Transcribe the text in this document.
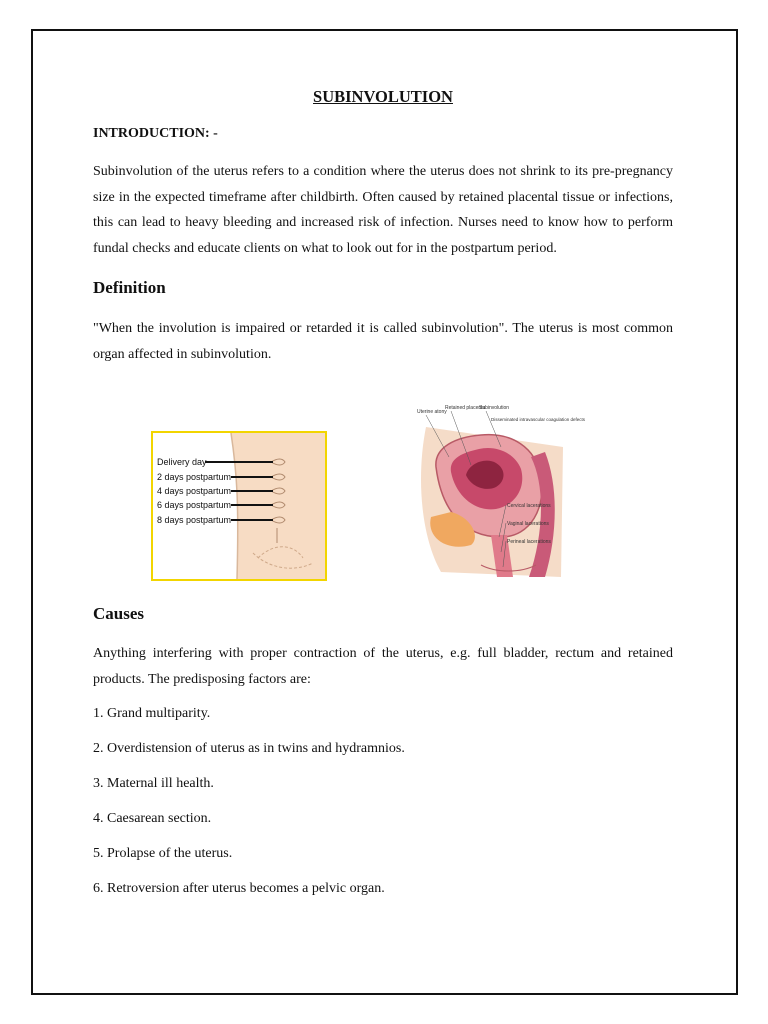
SUBINVOLUTION

INTRODUCTION: -

Subinvolution of the uterus refers to a condition where the uterus does not shrink to its pre-pregnancy size in the expected timeframe after childbirth. Often caused by retained placental tissue or infections, this can lead to heavy bleeding and increased risk of infection. Nurses need to know how to perform fundal checks and educate clients on what to look out for in the postpartum period.

Definition

"When the involution is impaired or retarded it is called subinvolution". The uterus is most common organ affected in subinvolution.

Delivery day
2 days postpartum
4 days postpartum
6 days postpartum
8 days postpartum
Uterine atony
Retained placenta
Subinvolution
Disseminated intravascular coagulation defects
Cervical lacerations
Vaginal lacerations
Perineal lacerations
Causes

Anything interfering with proper contraction of the uterus, e.g. full bladder, rectum and retained products. The predisposing factors are:

1. Grand multiparity.

2. Overdistension of uterus as in twins and hydramnios.

3. Maternal ill health.

4. Caesarean section.

5. Prolapse of the uterus.

6. Retroversion after uterus becomes a pelvic organ.
